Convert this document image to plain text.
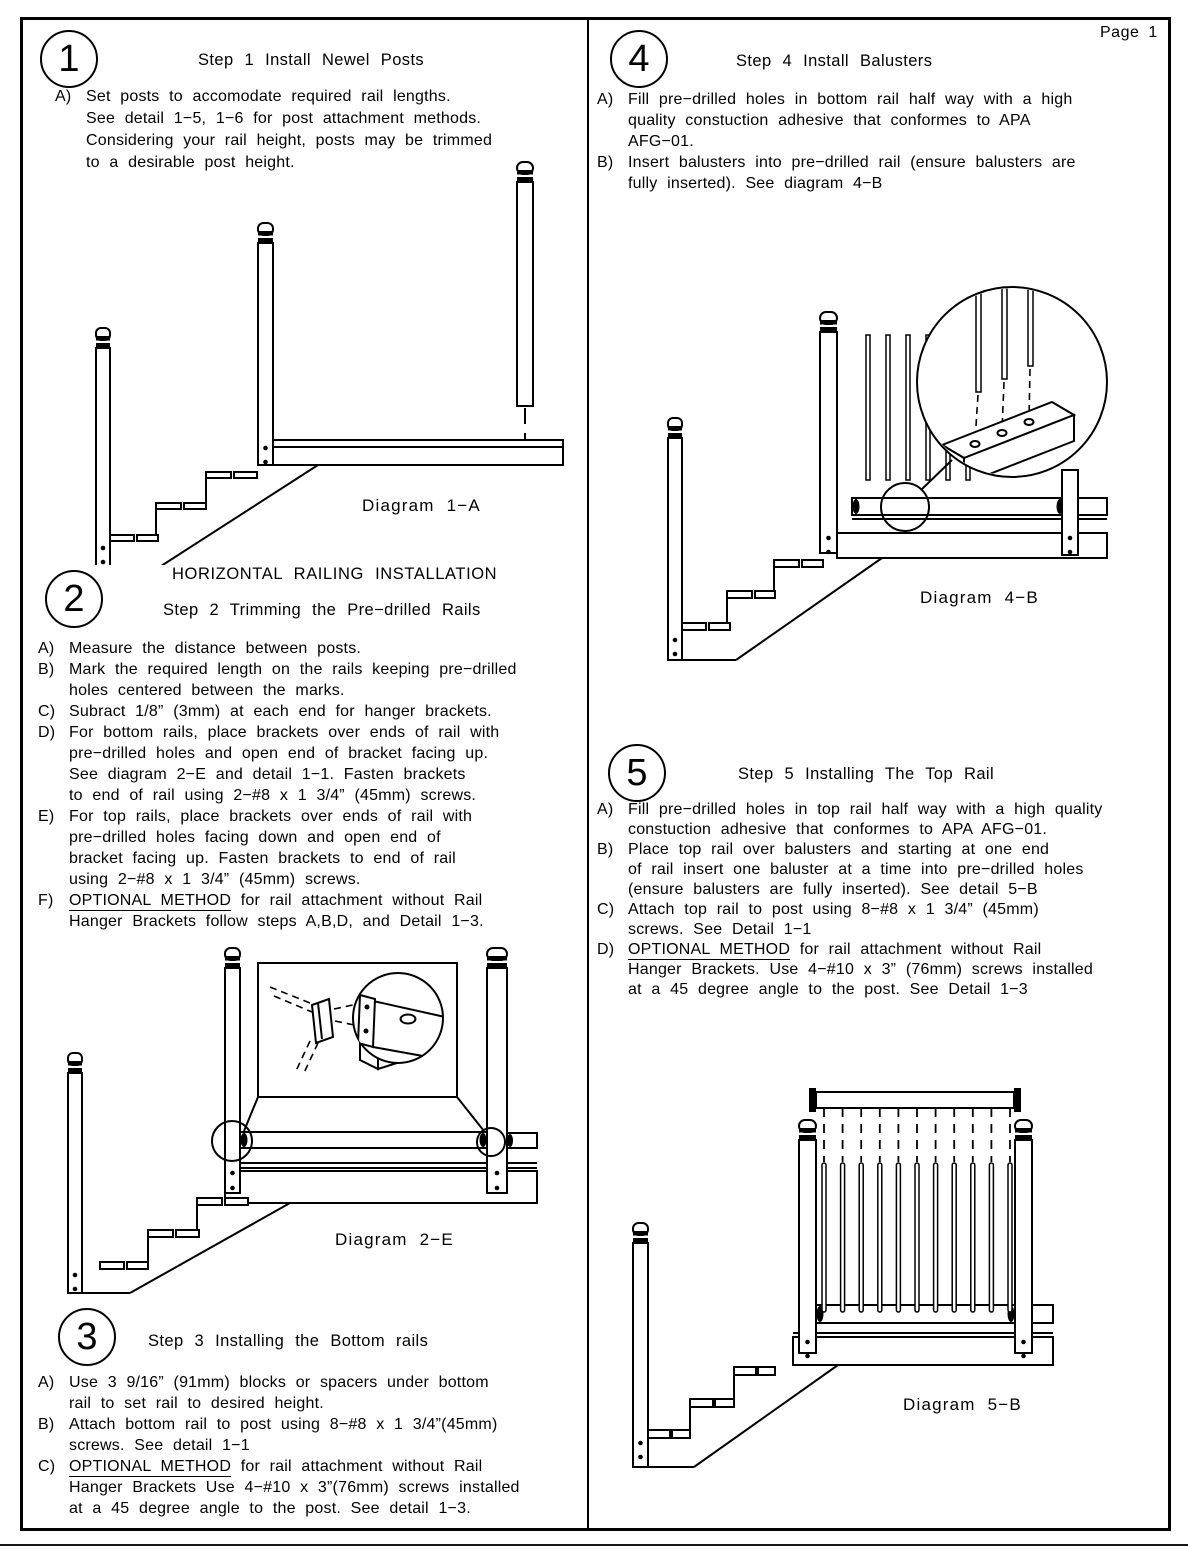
Page 1
1	Step 1 Install Newel Posts
A) Set posts to accomodate required rail lengths.
See detail 1−5, 1−6 for post attachment methods.
Considering your rail height, posts may be trimmed
to a desirable post height.
Diagram 1−A
HORIZONTAL RAILING INSTALLATION
2	Step 2 Trimming the Pre−drilled Rails
A) Measure the distance between posts.
B) Mark the required length on the rails keeping pre−drilled
holes centered between the marks.
C) Subract 1/8” (3mm) at each end for hanger brackets.
D) For bottom rails, place brackets over ends of rail with
pre−drilled holes and open end of bracket facing up.
See diagram 2−E and detail 1−1. Fasten brackets
to end of rail using 2−#8 x 1 3/4” (45mm) screws.
E) For top rails, place brackets over ends of rail with
pre−drilled holes facing down and open end of
bracket facing up. Fasten brackets to end of rail
using 2−#8 x 1 3/4” (45mm) screws.
F) OPTIONAL METHOD for rail attachment without Rail
Hanger Brackets follow steps A,B,D, and Detail 1−3.
Diagram 2−E
3	Step 3 Installing the Bottom rails
A) Use 3 9/16” (91mm) blocks or spacers under bottom
rail to set rail to desired height.
B) Attach bottom rail to post using 8−#8 x 1 3/4”(45mm)
screws. See detail 1−1
C) OPTIONAL METHOD for rail attachment without Rail
Hanger Brackets Use 4−#10 x 3”(76mm) screws installed
at a 45 degree angle to the post. See detail 1−3.
4	Step 4 Install Balusters
A) Fill pre−drilled holes in bottom rail half way with a high
quality constuction adhesive that conformes to APA
AFG−01.
B) Insert balusters into pre−drilled rail (ensure balusters are
fully inserted). See diagram 4−B
Diagram 4−B
5	Step 5 Installing The Top Rail
A) Fill pre−drilled holes in top rail half way with a high quality
constuction adhesive that conformes to APA AFG−01.
B) Place top rail over balusters and starting at one end
of rail insert one baluster at a time into pre−drilled holes
(ensure balusters are fully inserted). See detail 5−B
C) Attach top rail to post using 8−#8 x 1 3/4” (45mm)
screws. See Detail 1−1
D) OPTIONAL METHOD for rail attachment without Rail
Hanger Brackets. Use 4−#10 x 3” (76mm) screws installed
at a 45 degree angle to the post. See Detail 1−3
Diagram 5−B
